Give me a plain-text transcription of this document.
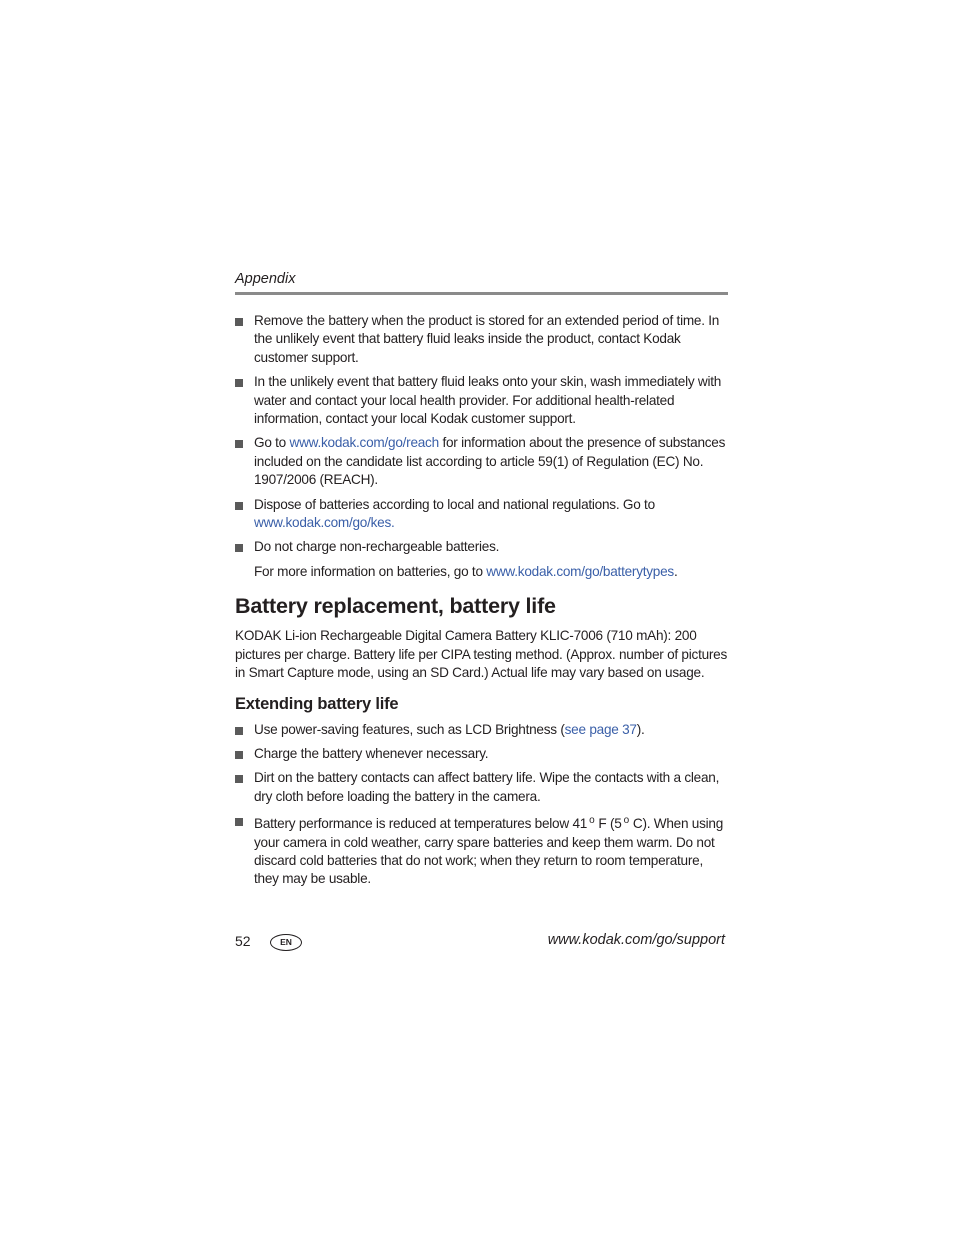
Appendix
Remove the battery when the product is stored for an extended period of time. In the unlikely event that battery fluid leaks inside the product, contact Kodak customer support.
In the unlikely event that battery fluid leaks onto your skin, wash immediately with water and contact your local health provider. For additional health-related information, contact your local Kodak customer support.
Go to www.kodak.com/go/reach for information about the presence of substances included on the candidate list according to article 59(1) of Regulation (EC) No. 1907/2006 (REACH).
Dispose of batteries according to local and national regulations. Go to www.kodak.com/go/kes.
Do not charge non-rechargeable batteries.

For more information on batteries, go to www.kodak.com/go/batterytypes.

Battery replacement, battery life

KODAK Li-ion Rechargeable Digital Camera Battery KLIC-7006 (710 mAh): 200 pictures per charge. Battery life per CIPA testing method. (Approx. number of pictures in Smart Capture mode, using an SD Card.) Actual life may vary based on usage.

Extending battery life
Use power-saving features, such as LCD Brightness (see page 37).
Charge the battery whenever necessary.
Dirt on the battery contacts can affect battery life. Wipe the contacts with a clean, dry cloth before loading the battery in the camera.
Battery performance is reduced at temperatures below 41 $^o$ F (5 $^o$ C). When using your camera in cold weather, carry spare batteries and keep them warm. Do not discard cold batteries that do not work; when they return to room temperature, they may be usable.
52	EN	www.kodak.com/go/support
